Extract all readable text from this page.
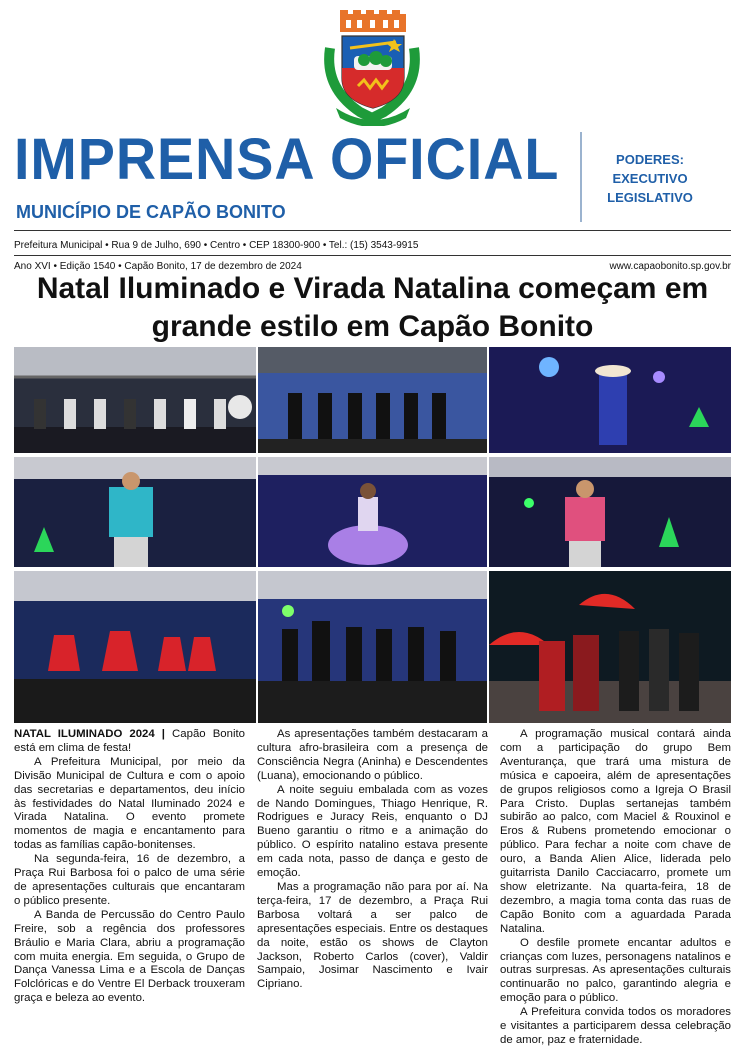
IMPRENSA OFICIAL
MUNICÍPIO DE CAPÃO BONITO
PODERES:
EXECUTIVO
LEGISLATIVO
Prefeitura Municipal • Rua 9 de Julho, 690 • Centro • CEP 18300-900 • Tel.: (15) 3543-9915
Ano XVI • Edição 1540 • Capão Bonito, 17 de dezembro de 2024	www.capaobonito.sp.gov.br
Natal Iluminado e Virada Natalina começam em grande estilo em Capão Bonito

NATAL ILUMINADO 2024 | Capão Bonito está em clima de festa!

A Prefeitura Municipal, por meio da Divisão Municipal de Cultura e com o apoio das secretarias e departamentos, deu início às festividades do Natal Iluminado 2024 e Virada Natalina. O evento promete momentos de magia e encantamento para todas as famílias capão-bonitenses.

Na segunda-feira, 16 de dezembro, a Praça Rui Barbosa foi o palco de uma série de apresentações culturais que encantaram o público presente.

A Banda de Percussão do Centro Paulo Freire, sob a regência dos professores Bráulio e Maria Clara, abriu a programação com muita energia. Em seguida, o Grupo de Dança Vanessa Lima e a Escola de Danças Folclóricas e do Ventre El Derback trouxeram graça e beleza ao evento.

As apresentações também destacaram a cultura afro-brasileira com a presença de Consciência Negra (Aninha) e Descendentes (Luana), emocionando o público.

A noite seguiu embalada com as vozes de Nando Domingues, Thiago Henrique, R. Rodrigues e Juracy Reis, enquanto o DJ Bueno garantiu o ritmo e a animação do público. O espírito natalino estava presente em cada nota, passo de dança e gesto de emoção.

Mas a programação não para por aí. Na terça-feira, 17 de dezembro, a Praça Rui Barbosa voltará a ser palco de apresentações especiais. Entre os destaques da noite, estão os shows de Clayton Jackson, Roberto Carlos (cover), Valdir Sampaio, Josimar Nascimento e Ivair Cipriano.

A programação musical contará ainda com a participação do grupo Bem Aventurança, que trará uma mistura de música e capoeira, além de apresentações de grupos religiosos como a Igreja O Brasil Para Cristo. Duplas sertanejas também subirão ao palco, com Maciel & Rouxinol e Eros & Rubens prometendo emocionar o público. Para fechar a noite com chave de ouro, a Banda Alien Alice, liderada pelo guitarrista Danilo Cacciacarro, promete um show eletrizante. Na quarta-feira, 18 de dezembro, a magia toma conta das ruas de Capão Bonito com a aguardada Parada Natalina.

O desfile promete encantar adultos e crianças com luzes, personagens natalinos e outras surpresas. As apresentações culturais continuarão no palco, garantindo alegria e emoção para o público.

A Prefeitura convida todos os moradores e visitantes a participarem dessa celebração de amor, paz e fraternidade.
